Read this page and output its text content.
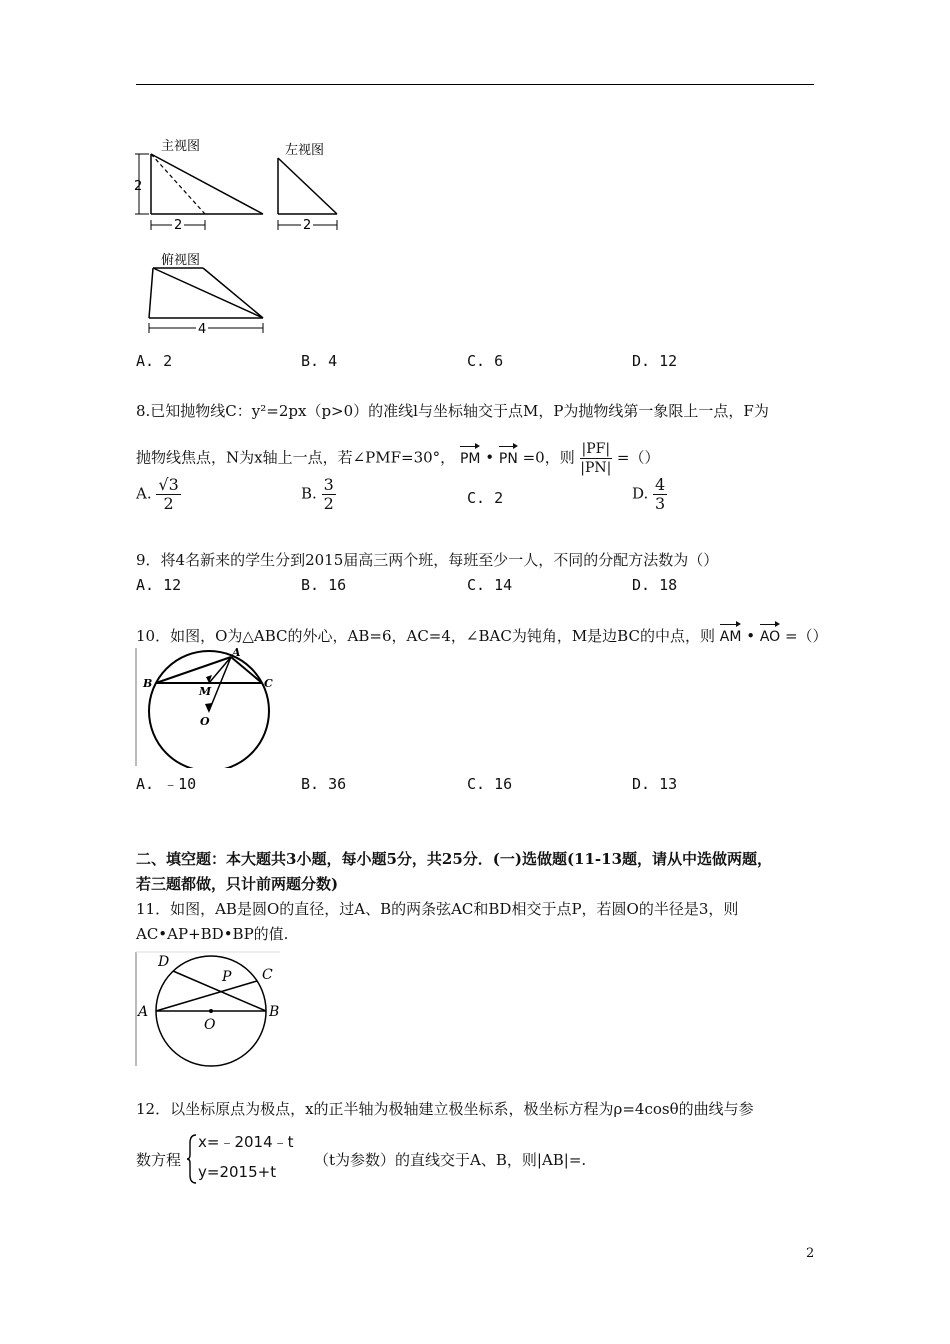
主视图
2
2
左视图
2
俯视图
4
A. 2	B. 4	C. 6	D. 12
8.已知抛物线C：y²=2px（p>0）的准线l与坐标轴交于点M，P为抛物线第一象限上一点，F为
抛物线焦点，N为x轴上一点，若∠PMF=30°， PM • PN =0，则 $\frac{|PF|}{|PN|}$ =（）
A. $\frac{√3}{2}$	B. $\frac{3}{2}$	C. 2	D. $\frac{4}{3}$
9．将4名新来的学生分到2015届高三两个班，每班至少一人，不同的分配方法数为（）
A. 12	B. 16	C. 14	D. 18
10．如图，O为△ABC的外心，AB=6，AC=4，∠BAC为钝角，M是边BC的中点，则 AM • AO =（）
A
B	C
M
O
A. ﹣10	B. 36	C. 16	D. 13
二、填空题：本大题共3小题，每小题5分，共25分．(一)选做题(11-13题，请从中选做两题，
若三题都做，只计前两题分数)
11．如图，AB是圆O的直径，过A、B的两条弦AC和BD相交于点P，若圆O的半径是3，则
AC•AP+BD•BP的值.
A	B
C
D
P
O
12．以坐标原点为极点，x的正半轴为极轴建立极坐标系，极坐标方程为ρ=4cosθ的曲线与参
数方程
x=﹣2014﹣t
y=2015+t
（t为参数）的直线交于A、B，则|AB|=.
2
